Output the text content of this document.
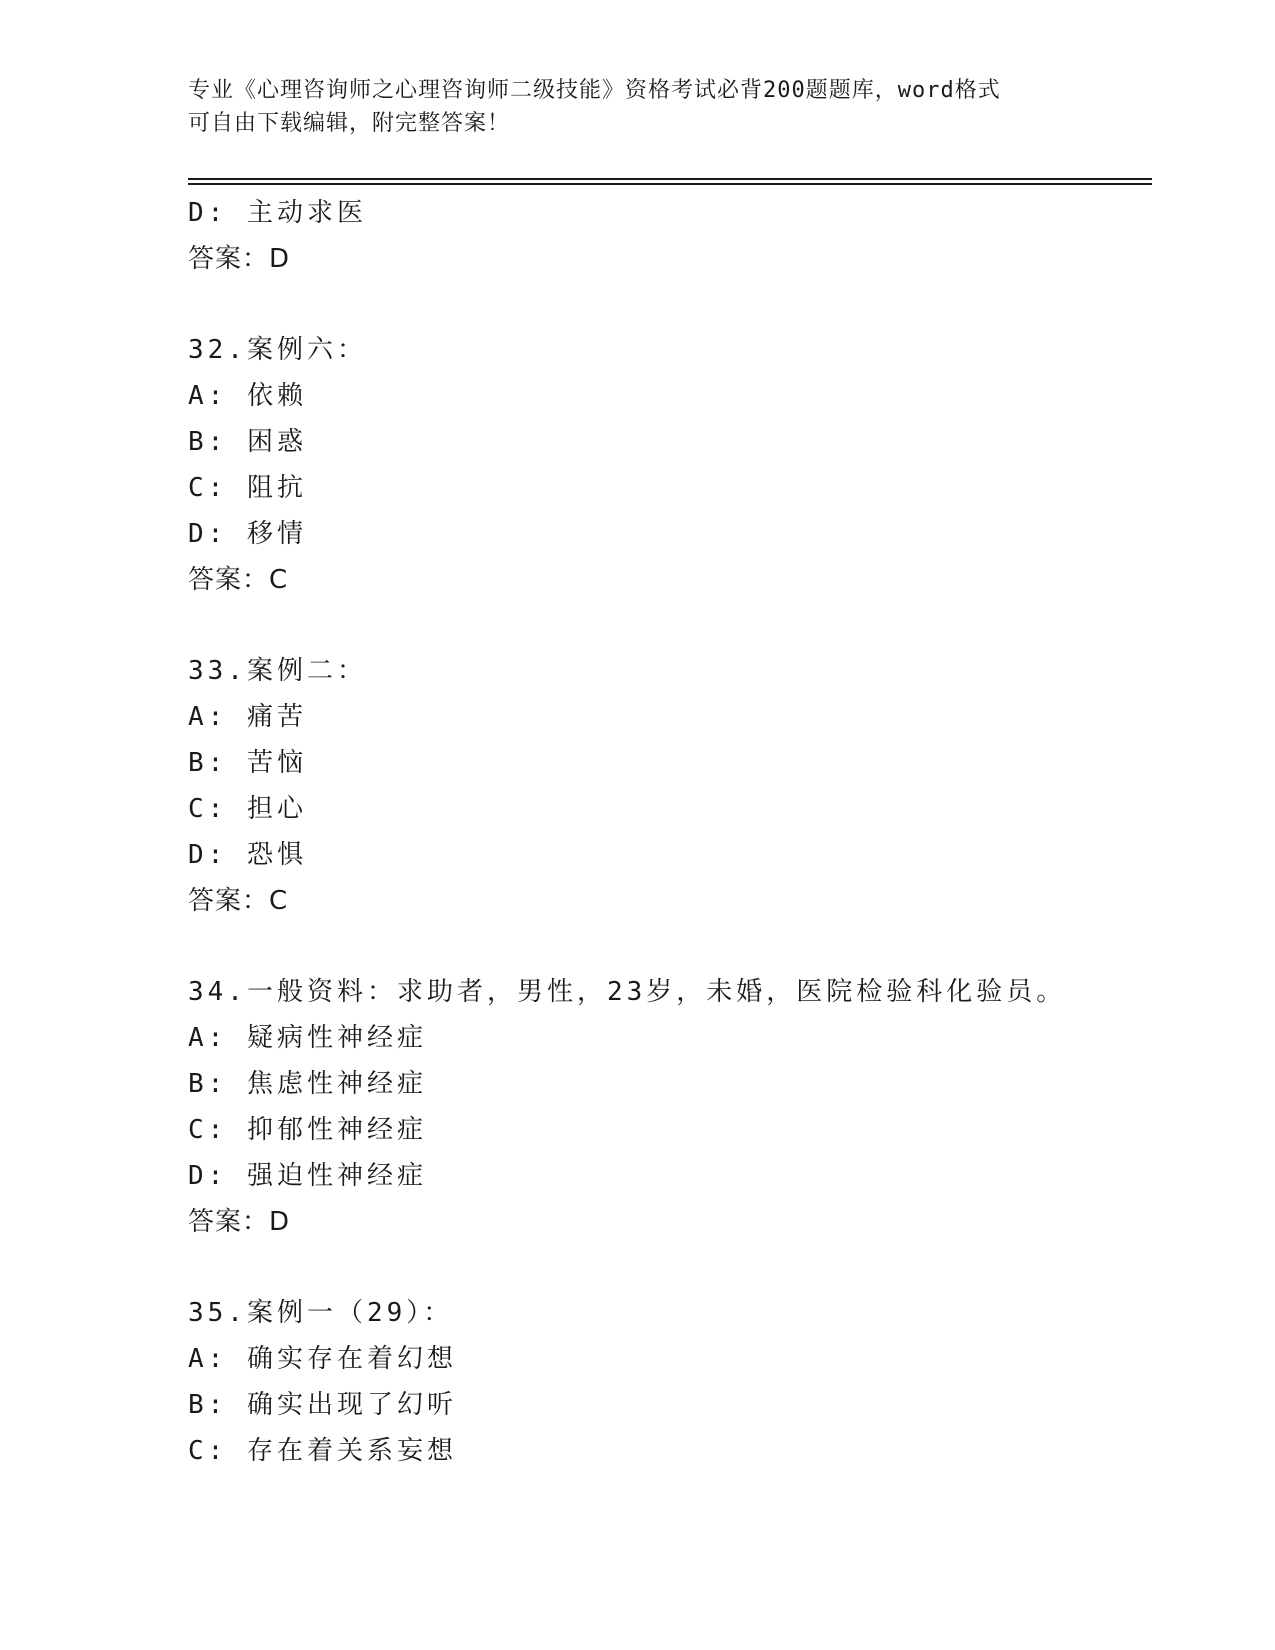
专业《心理咨询师之心理咨询师二级技能》资格考试必背200题题库，word格式
可自由下载编辑，附完整答案！
D: 主动求医
答案：D
32.案例六：
A: 依赖
B: 困惑
C: 阻抗
D: 移情
答案：C
33.案例二：
A: 痛苦
B: 苦恼
C: 担心
D: 恐惧
答案：C
34.一般资料：求助者，男性，23岁，未婚，医院检验科化验员。
A: 疑病性神经症
B: 焦虑性神经症
C: 抑郁性神经症
D: 强迫性神经症
答案：D
35.案例一（29）：
A: 确实存在着幻想
B: 确实出现了幻听
C: 存在着关系妄想
